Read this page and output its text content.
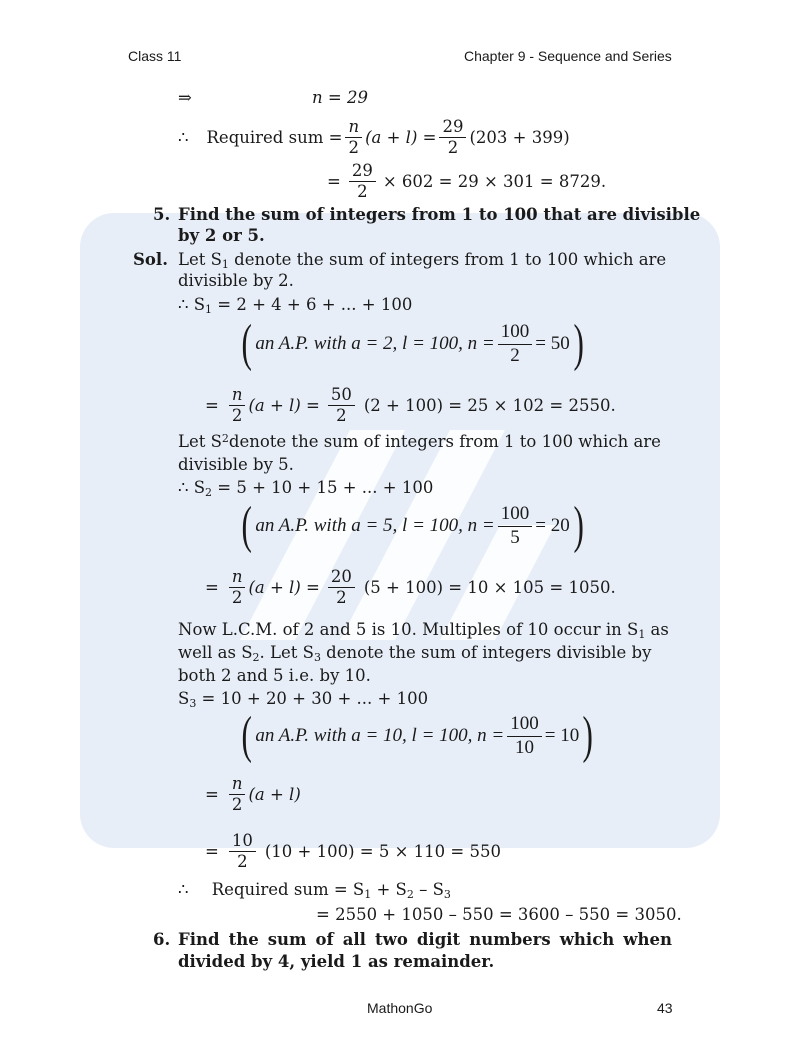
Class 11	Chapter 9 - Sequence and Series
⇒	n = 29
∴ Required sum = $\frac{n}{2} (a + l) = \frac{29}{2} (203 + 399)$
= $\frac{29}{2} \times 602 = 29 \times 301 = 8729$.
5. Find the sum of integers from 1 to 100 that are divisible
by 2 or 5.
Sol. Let $S_1$ denote the sum of integers from 1 to 100 which are
divisible by 2.
∴ $S_1 = 2 + 4 + 6$ + ... + 100
( an A.P. with a = 2, l = 100, $n = \frac{100}{2} = 50$ )
= $\frac{n}{2} (a + l) = \frac{50}{2} (2 + 100) = 25 \times 102 = 2550$.
Let S 2 denote the sum of integers from 1 to 100 which are
divisible by 5.
∴ $S_2 = 5 + 10 + 15$ + ... + 100
( an A.P. with a = 5, l = 100, $n = \frac{100}{5} = 20$ )
= $\frac{n}{2} (a + l) = \frac{20}{2} (5 + 100) = 10 \times 105 = 1050$.
Now L.C.M. of 2 and 5 is 10. Multiples of 10 occur in $S_1$ as
well as $S_2$. Let $S_3$ denote the sum of integers divisible by
both 2 and 5 i.e. by 10.
$S_3 = 10 + 20 + 30$ + ... + 100
( an A.P. with a = 10, l = 100, $n = \frac{100}{10} = 10$ )
= $\frac{n}{2} (a + l)$
= $\frac{10}{2} (10 + 100) = 5 \times 110 = 550$
∴ Required sum = $S_1 + S_2 - S_3$
= 2550 + 1050 – 550 = 3600 – 550 = 3050.
6. Find the sum of all two digit numbers which when
divided by 4, yield 1 as remainder.
MathonGo	43
